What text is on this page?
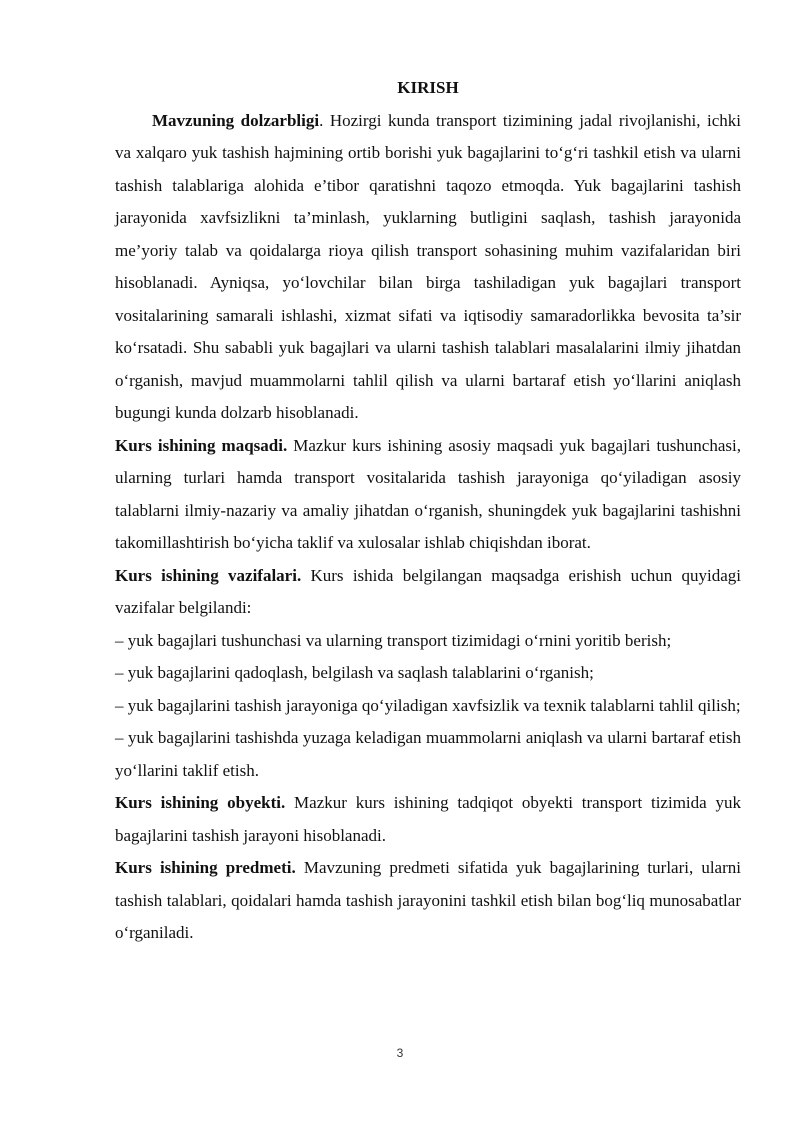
KIRISH

Mavzuning dolzarbligi. Hozirgi kunda transport tizimining jadal rivojlanishi, ichki va xalqaro yuk tashish hajmining ortib borishi yuk bagajlarini to‘g‘ri tashkil etish va ularni tashish talablariga alohida e’tibor qaratishni taqozo etmoqda. Yuk bagajlarini tashish jarayonida xavfsizlikni ta’minlash, yuklarning butligini saqlash, tashish jarayonida me’yoriy talab va qoidalarga rioya qilish transport sohasining muhim vazifalaridan biri hisoblanadi. Ayniqsa, yo‘lovchilar bilan birga tashiladigan yuk bagajlari transport vositalarining samarali ishlashi, xizmat sifati va iqtisodiy samaradorlikka bevosita ta’sir ko‘rsatadi. Shu sababli yuk bagajlari va ularni tashish talablari masalalarini ilmiy jihatdan o‘rganish, mavjud muammolarni tahlil qilish va ularni bartaraf etish yo‘llarini aniqlash bugungi kunda dolzarb hisoblanadi.

Kurs ishining maqsadi. Mazkur kurs ishining asosiy maqsadi yuk bagajlari tushunchasi, ularning turlari hamda transport vositalarida tashish jarayoniga qo‘yiladigan asosiy talablarni ilmiy-nazariy va amaliy jihatdan o‘rganish, shuningdek yuk bagajlarini tashishni takomillashtirish bo‘yicha taklif va xulosalar ishlab chiqishdan iborat.

Kurs ishining vazifalari. Kurs ishida belgilangan maqsadga erishish uchun quyidagi vazifalar belgilandi:

– yuk bagajlari tushunchasi va ularning transport tizimidagi o‘rnini yoritib berish;

– yuk bagajlarini qadoqlash, belgilash va saqlash talablarini o‘rganish;

– yuk bagajlarini tashish jarayoniga qo‘yiladigan xavfsizlik va texnik talablarni tahlil qilish;

– yuk bagajlarini tashishda yuzaga keladigan muammolarni aniqlash va ularni bartaraf etish yo‘llarini taklif etish.

Kurs ishining obyekti. Mazkur kurs ishining tadqiqot obyekti transport tizimida yuk bagajlarini tashish jarayoni hisoblanadi.

Kurs ishining predmeti. Mavzuning predmeti sifatida yuk bagajlarining turlari, ularni tashish talablari, qoidalari hamda tashish jarayonini tashkil etish bilan bog‘liq munosabatlar o‘rganiladi.

3
